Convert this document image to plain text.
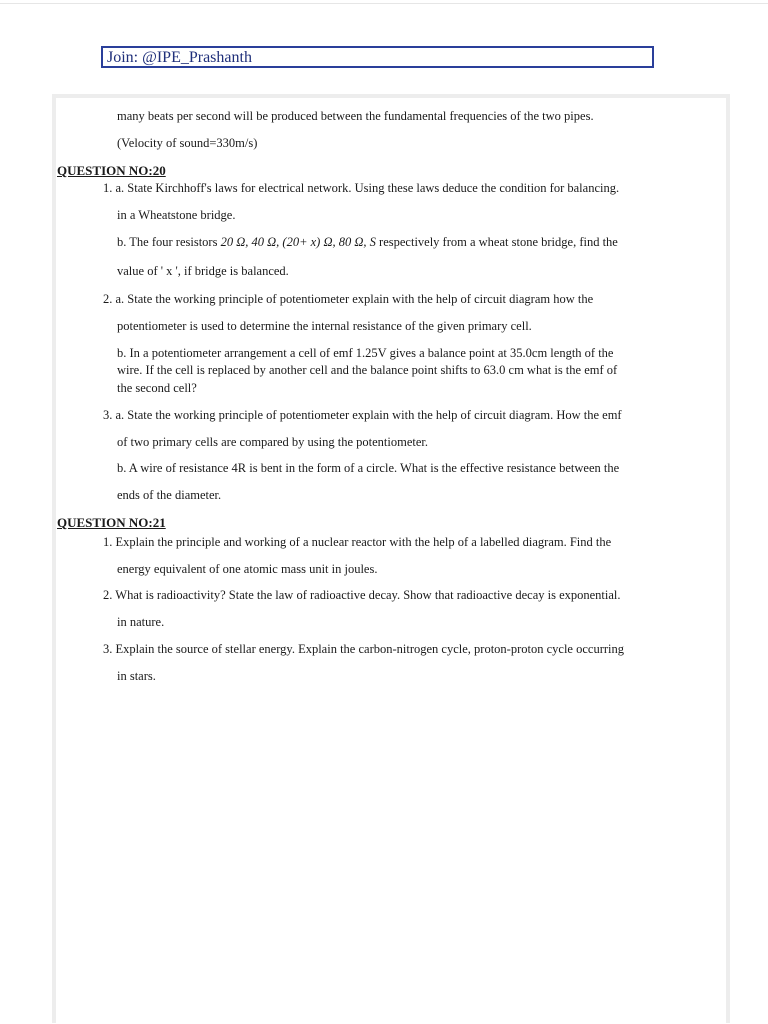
Join: @IPE_Prashanth
many beats per second will be produced between the fundamental frequencies of the two pipes.
(Velocity of sound=330m/s)
QUESTION NO:20
1. a. State Kirchhoff's laws for electrical network. Using these laws deduce the condition for balancing.
in a Wheatstone bridge.
b. The four resistors 20 Ω, 40 Ω, (20+ x) Ω, 80 Ω, S respectively from a wheat stone bridge, find the
value of ' x ', if bridge is balanced.
2. a. State the working principle of potentiometer explain with the help of circuit diagram how the
potentiometer is used to determine the internal resistance of the given primary cell.
b. In a potentiometer arrangement a cell of emf 1.25V gives a balance point at 35.0cm length of the
wire. If the cell is replaced by another cell and the balance point shifts to 63.0 cm what is the emf of
the second cell?
3. a. State the working principle of potentiometer explain with the help of circuit diagram. How the emf
of two primary cells are compared by using the potentiometer.
b. A wire of resistance 4R is bent in the form of a circle. What is the effective resistance between the
ends of the diameter.
QUESTION NO:21
1. Explain the principle and working of a nuclear reactor with the help of a labelled diagram. Find the
energy equivalent of one atomic mass unit in joules.
2. What is radioactivity? State the law of radioactive decay. Show that radioactive decay is exponential.
in nature.
3. Explain the source of stellar energy. Explain the carbon-nitrogen cycle, proton-proton cycle occurring
in stars.
